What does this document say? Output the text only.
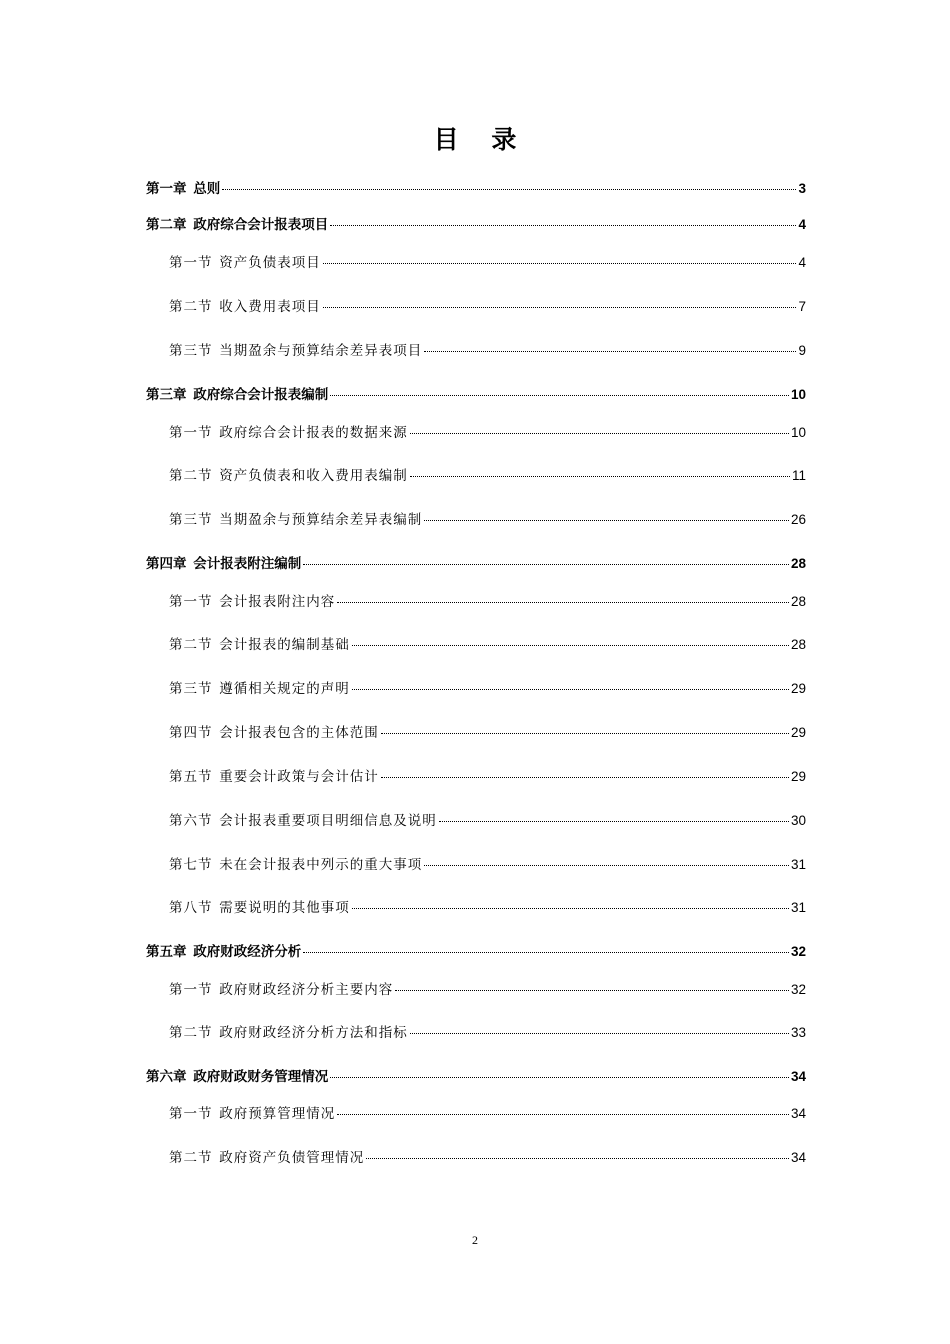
目 录
第一章 总则	3
第二章 政府综合会计报表项目	4
第一节 资产负债表项目	4
第二节 收入费用表项目	7
第三节 当期盈余与预算结余差异表项目	9
第三章 政府综合会计报表编制	10
第一节 政府综合会计报表的数据来源	10
第二节 资产负债表和收入费用表编制	11
第三节 当期盈余与预算结余差异表编制	26
第四章 会计报表附注编制	28
第一节 会计报表附注内容	28
第二节 会计报表的编制基础	28
第三节 遵循相关规定的声明	29
第四节 会计报表包含的主体范围	29
第五节 重要会计政策与会计估计	29
第六节 会计报表重要项目明细信息及说明	30
第七节 未在会计报表中列示的重大事项	31
第八节 需要说明的其他事项	31
第五章 政府财政经济分析	32
第一节 政府财政经济分析主要内容	32
第二节 政府财政经济分析方法和指标	33
第六章 政府财政财务管理情况	34
第一节 政府预算管理情况	34
第二节 政府资产负债管理情况	34
2
